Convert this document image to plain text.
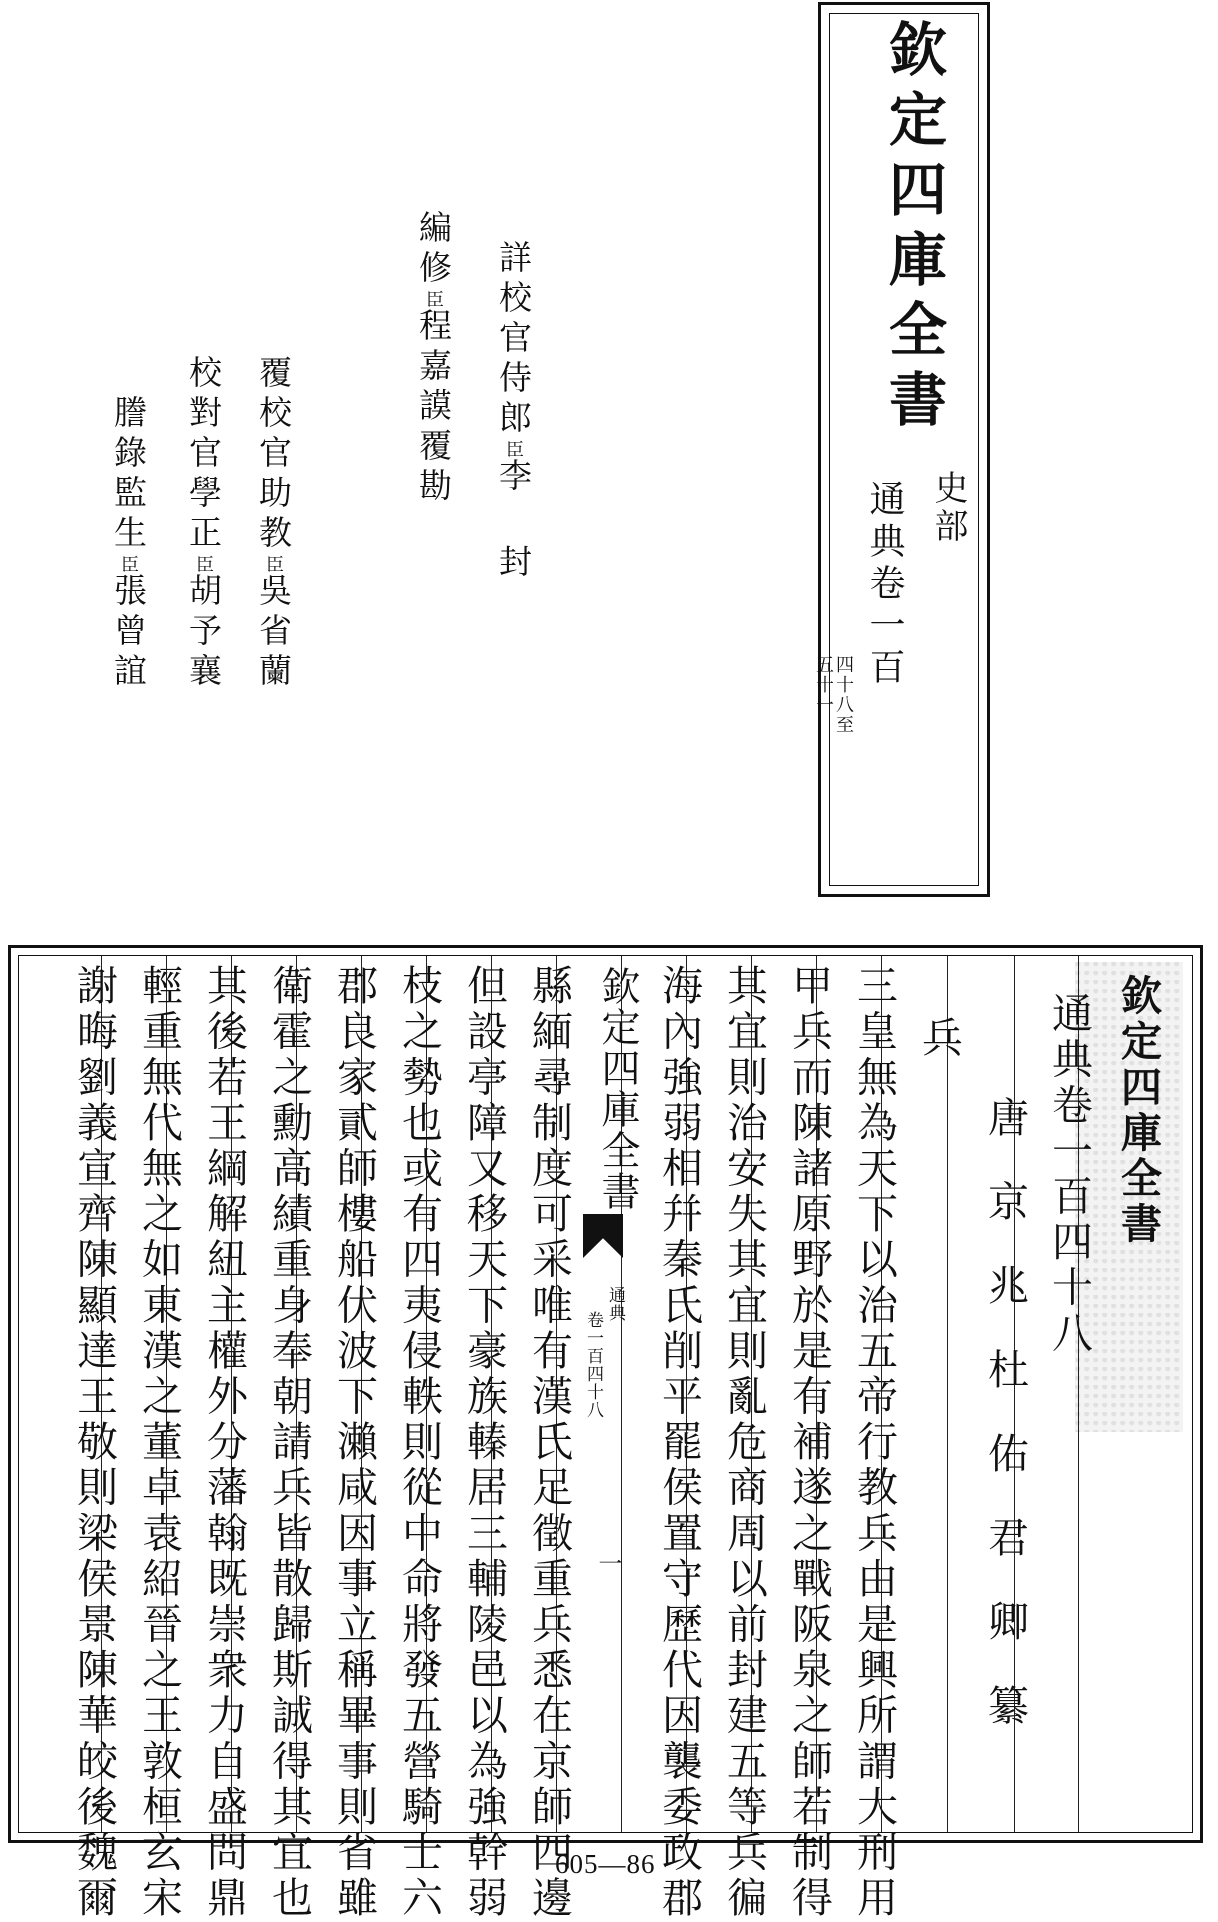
欽定四庫全書
史部
通典卷一百
四十八至
五十一
詳校官侍郎臣李 封
編修臣程嘉謨覆勘
覆校官助教臣吳省蘭
校對官學正臣胡予襄
謄錄監生臣張曾誼
欽定四庫全書
通典卷一百四十八
唐　京　兆　杜　佑　君　卿　纂
兵
三皇無為天下以治五帝行教兵由是興所謂大刑用
甲兵而陳諸原野於是有補遂之戰阪泉之師若制得
其宜則治安失其宜則亂危商周以前封建五等兵徧
海內強弱相幷秦氏削平罷侯置守歷代因襲委政郡
欽定四庫全書
通典
卷一百四十八
一
縣緬尋制度可采唯有漢氏足徵重兵悉在京師四邊
但設亭障又移天下豪族轃居三輔陵邑以為強幹弱
枝之勢也或有四夷侵軼則從中命將發五營騎士六
郡良家貳師樓船伏波下瀨咸因事立稱畢事則省雖
衛霍之勳高績重身奉朝請兵皆散歸斯誠得其宜也
其後若王綱解紐主權外分藩翰既崇衆力自盛問鼎
輕重無代無之如東漢之董卓袁紹晉之王敦桓玄宋
謝晦劉義宣齊陳顯達王敬則梁侯景陳華皎後魏爾	605—86
